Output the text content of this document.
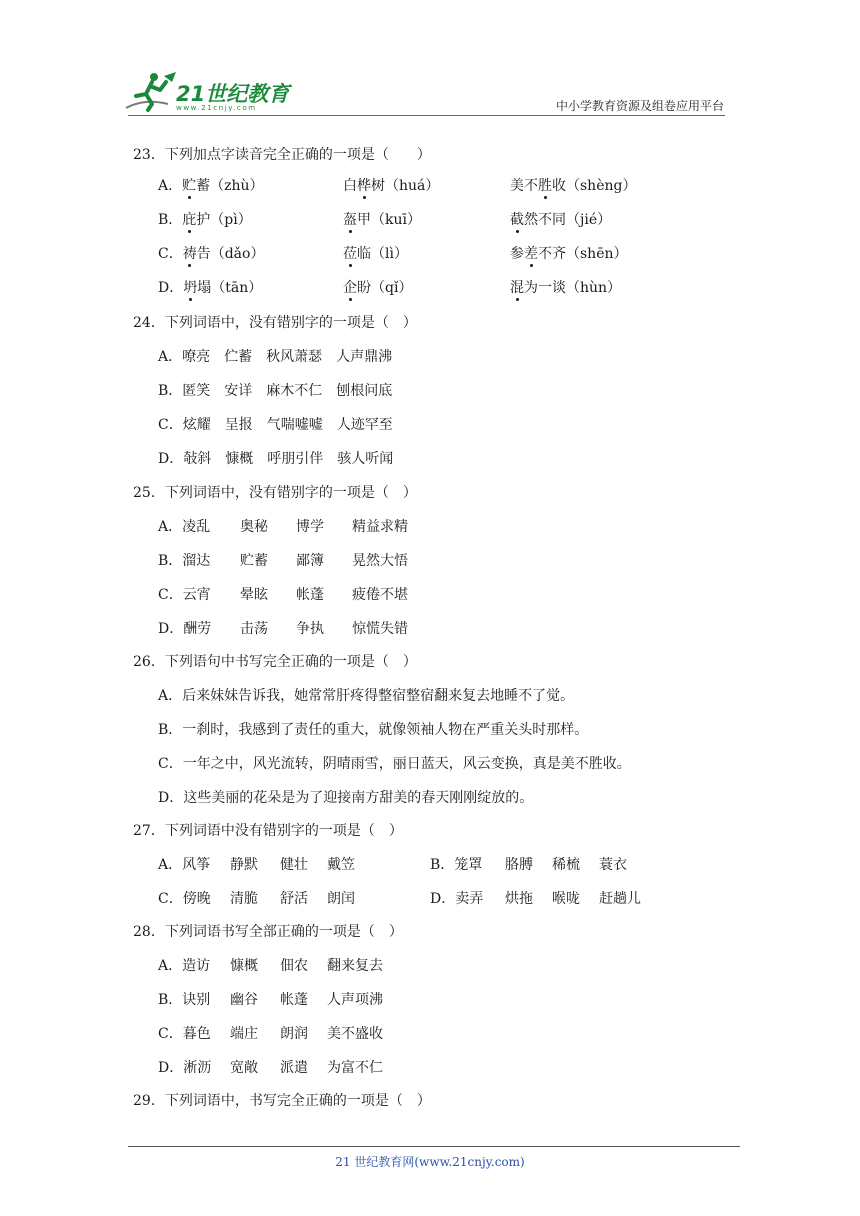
21世纪教育
www.21cnjy.com	中小学教育资源及组卷应用平台
23．下列加点字读音完全正确的一项是（　　）
A．贮蓄（zhù）	白桦树（huá）	美不胜收（shèng）
B．庇护（pì）	盔甲（kuī）	截然不同（jié）
C．祷告（dǎo）	莅临（lì）	参差不齐（shēn）
D．坍塌（tān）	企盼（qǐ）	混为一谈（hùn）
24．下列词语中，没有错别字的一项是（　）
A．嘹亮　伫蓄　秋风萧瑟　人声鼎沸
B．匿笑　安详　麻木不仁　刨根问底
C．炫耀　呈报　气喘嘘嘘　人迹罕至
D．敧斜　慷概　呼朋引伴　骇人听闻
25．下列词语中，没有错别字的一项是（　）
A．凌乱 奥秘 博学 精益求精
B．溜达 贮蓄 鄙簿 晃然大悟
C．云宵 晕眩 帐蓬 疲倦不堪
D．酬劳 击荡 争执 惊慌失错
26．下列语句中书写完全正确的一项是（　）
A．后来妹妹告诉我，她常常肝疼得整宿整宿翻来复去地睡不了觉。
B．一刹时，我感到了责任的重大，就像领袖人物在严重关头时那样。
C．一年之中，风光流转，阴晴雨雪，丽日蓝天，风云变换，真是美不胜收。
D．这些美丽的花朵是为了迎接南方甜美的春天刚刚绽放的。
27．下列词语中没有错别字的一项是（　）
A．风筝 静默 健壮 戴笠	B．笼罩 胳膊 稀梳 蓑衣
C．傍晚 清脆 舒活 朗闰	D．卖弄 烘拖 喉咙 赶趟儿
28．下列词语书写全部正确的一项是（　）
A．造访 慷概 佃农 翻来复去
B．诀别 幽谷 帐蓬 人声项沸
C．暮色 端庄 朗润 美不盛收
D．淅沥 宽敞 派遣 为富不仁
29．下列词语中，书写完全正确的一项是（　）
21 世纪教育网(www.21cnjy.com)
